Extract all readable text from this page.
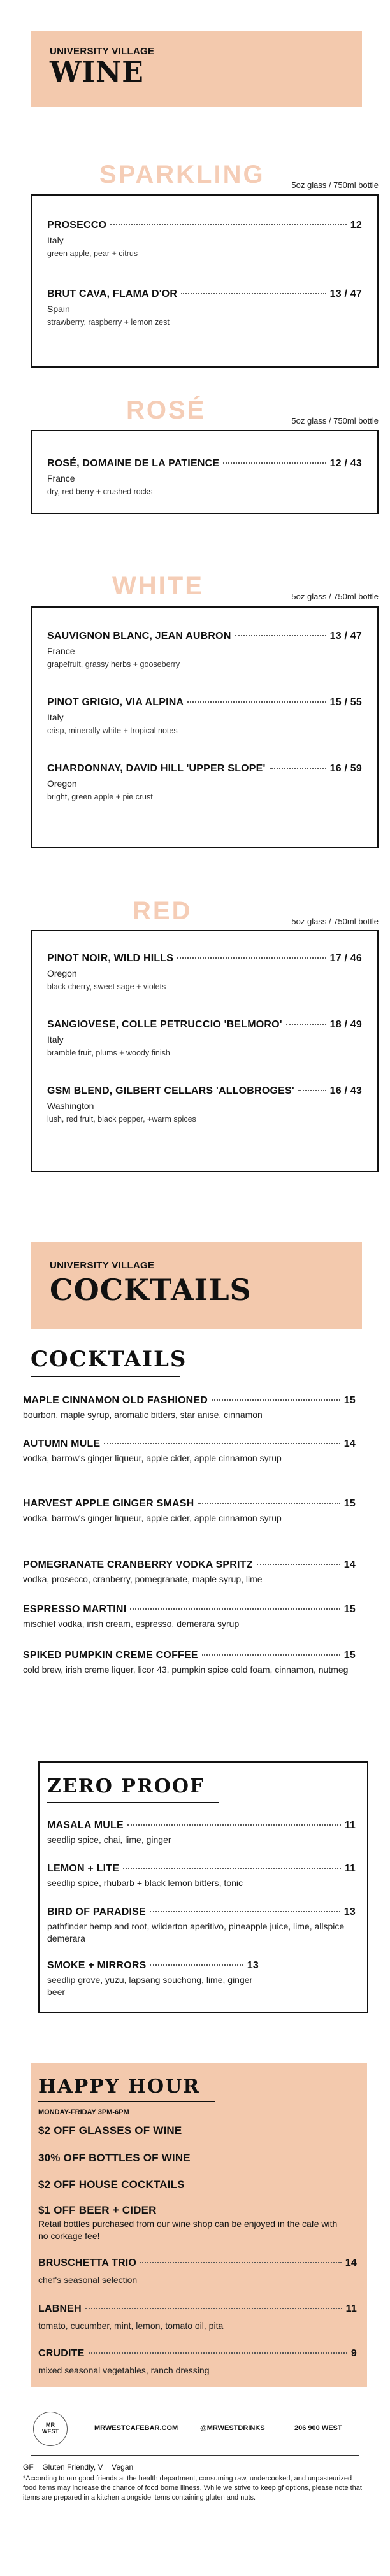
UNIVERSITY VILLAGE
WINE
SPARKLING	5oz glass / 750ml bottle
PROSECCO	12
Italy
green apple, pear + citrus
BRUT CAVA, FLAMA D'OR	13 / 47
Spain
strawberry, raspberry + lemon zest
ROSÉ	5oz glass / 750ml bottle
ROSÉ, DOMAINE DE LA PATIENCE	12 / 43
France
dry, red berry + crushed rocks
WHITE	5oz glass / 750ml bottle
SAUVIGNON BLANC, JEAN AUBRON	13 / 47
France
grapefruit, grassy herbs + gooseberry
PINOT GRIGIO, VIA ALPINA	15 / 55
Italy
crisp, minerally white + tropical notes
CHARDONNAY, DAVID HILL 'UPPER SLOPE'	16 / 59
Oregon
bright, green apple + pie crust
RED	5oz glass / 750ml bottle
PINOT NOIR, WILD HILLS	17 / 46
Oregon
black cherry, sweet sage + violets
SANGIOVESE, COLLE PETRUCCIO 'BELMORO'	18 / 49
Italy
bramble fruit, plums + woody finish
GSM BLEND, GILBERT CELLARS 'ALLOBROGES'	16 / 43
Washington
lush, red fruit, black pepper, +warm spices
UNIVERSITY VILLAGE
COCKTAILS
COCKTAILS
MAPLE CINNAMON OLD FASHIONED	15
bourbon, maple syrup, aromatic bitters, star anise, cinnamon
AUTUMN MULE	14
vodka, barrow's ginger liqueur, apple cider, apple cinnamon syrup
HARVEST APPLE GINGER SMASH	15
vodka, barrow's ginger liqueur, apple cider, apple cinnamon syrup
POMEGRANATE CRANBERRY VODKA SPRITZ	14
vodka, prosecco, cranberry, pomegranate, maple syrup, lime
ESPRESSO MARTINI	15
mischief vodka, irish cream, espresso, demerara syrup
SPIKED PUMPKIN CREME COFFEE	15
cold brew, irish creme liquer, licor 43, pumpkin spice cold foam, cinnamon, nutmeg
ZERO PROOF
MASALA MULE	11
seedlip spice, chai, lime, ginger
LEMON + LITE	11
seedlip spice, rhubarb + black lemon bitters, tonic
BIRD OF PARADISE	13
pathfinder hemp and root, wilderton aperitivo, pineapple juice, lime, allspice demerara
SMOKE + MIRRORS	13
seedlip grove, yuzu, lapsang souchong, lime, ginger beer
HAPPY HOUR
MONDAY-FRIDAY 3PM-6PM
$2 OFF GLASSES OF WINE
30% OFF BOTTLES OF WINE
$2 OFF HOUSE COCKTAILS
$1 OFF BEER + CIDER
Retail bottles purchased from our wine shop can be enjoyed in the cafe with no corkage fee!
BRUSCHETTA TRIO	14
chef's seasonal selection
LABNEH	11
tomato, cucumber, mint, lemon, tomato oil, pita
CRUDITE	9
mixed seasonal vegetables, ranch dressing
MR WEST	MRWESTCAFEBAR.COM	@MRWESTDRINKS	206 900 WEST
GF = Gluten Friendly, V = Vegan
*According to our good friends at the health department, consuming raw, undercooked, and unpasteurized food items may increase the chance of food borne illness. While we strive to keep gf options, please note that items are prepared in a kitchen alongside items containing gluten and nuts.
